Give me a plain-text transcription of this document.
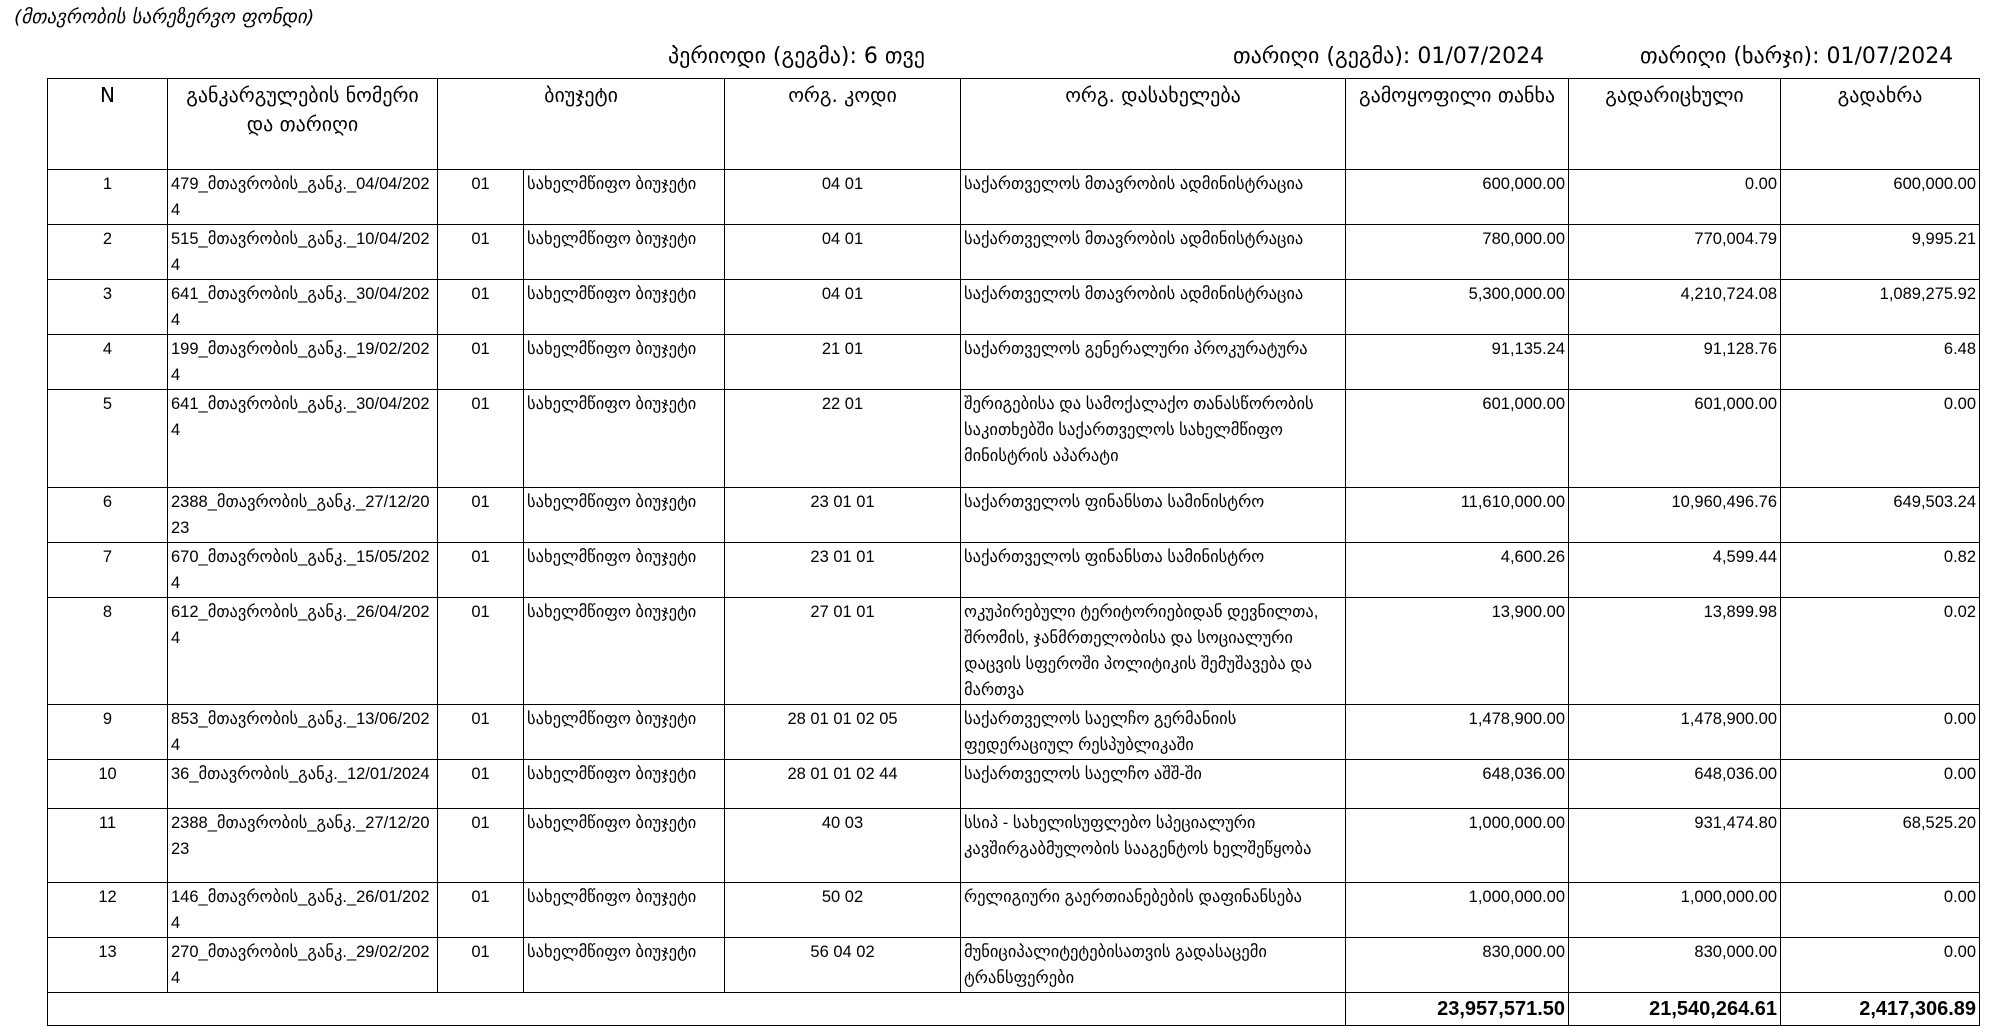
(მთავრობის სარეზერვო ფონდი)
პერიოდი (გეგმა): 6 თვე	თარიღი (გეგმა): 01/07/2024	თარიღი (ხარჯი): 01/07/2024
N	განკარგულების ნომერი და თარიღი	ბიუჯეტი		ორგ. კოდი	ორგ. დასახელება	გამოყოფილი თანხა	გადარიცხული	გადახრა
1	479_მთავრობის_განკ._04/04/2024	01	სახელმწიფო ბიუჯეტი	04 01	საქართველოს მთავრობის ადმინისტრაცია	600,000.00	0.00	600,000.00
2	515_მთავრობის_განკ._10/04/2024	01	სახელმწიფო ბიუჯეტი	04 01	საქართველოს მთავრობის ადმინისტრაცია	780,000.00	770,004.79	9,995.21
3	641_მთავრობის_განკ._30/04/2024	01	სახელმწიფო ბიუჯეტი	04 01	საქართველოს მთავრობის ადმინისტრაცია	5,300,000.00	4,210,724.08	1,089,275.92
4	199_მთავრობის_განკ._19/02/2024	01	სახელმწიფო ბიუჯეტი	21 01	საქართველოს გენერალური პროკურატურა	91,135.24	91,128.76	6.48
5	641_მთავრობის_განკ._30/04/2024	01	სახელმწიფო ბიუჯეტი	22 01	შერიგებისა და სამოქალაქო თანასწორობის საკითხებში საქართველოს სახელმწიფო მინისტრის აპარატი	601,000.00	601,000.00	0.00
6	2388_მთავრობის_განკ._27/12/2023	01	სახელმწიფო ბიუჯეტი	23 01 01	საქართველოს ფინანსთა სამინისტრო	11,610,000.00	10,960,496.76	649,503.24
7	670_მთავრობის_განკ._15/05/2024	01	სახელმწიფო ბიუჯეტი	23 01 01	საქართველოს ფინანსთა სამინისტრო	4,600.26	4,599.44	0.82
8	612_მთავრობის_განკ._26/04/2024	01	სახელმწიფო ბიუჯეტი	27 01 01	ოკუპირებული ტერიტორიებიდან დევნილთა, შრომის, ჯანმრთელობისა და სოციალური დაცვის სფეროში პოლიტიკის შემუშავება და მართვა	13,900.00	13,899.98	0.02
9	853_მთავრობის_განკ._13/06/2024	01	სახელმწიფო ბიუჯეტი	28 01 01 02 05	საქართველოს საელჩო გერმანიის ფედერაციულ რესპუბლიკაში	1,478,900.00	1,478,900.00	0.00
10	36_მთავრობის_განკ._12/01/2024	01	სახელმწიფო ბიუჯეტი	28 01 01 02 44	საქართველოს საელჩო აშშ-ში	648,036.00	648,036.00	0.00
11	2388_მთავრობის_განკ._27/12/2023	01	სახელმწიფო ბიუჯეტი	40 03	სსიპ - სახელისუფლებო სპეციალური კავშირგაბმულობის სააგენტოს ხელშეწყობა	1,000,000.00	931,474.80	68,525.20
12	146_მთავრობის_განკ._26/01/2024	01	სახელმწიფო ბიუჯეტი	50 02	რელიგიური გაერთიანებების დაფინანსება	1,000,000.00	1,000,000.00	0.00
13	270_მთავრობის_განკ._29/02/2024	01	სახელმწიფო ბიუჯეტი	56 04 02	მუნიციპალიტეტებისათვის გადასაცემი ტრანსფერები	830,000.00	830,000.00	0.00
						23,957,571.50	21,540,264.61	2,417,306.89
